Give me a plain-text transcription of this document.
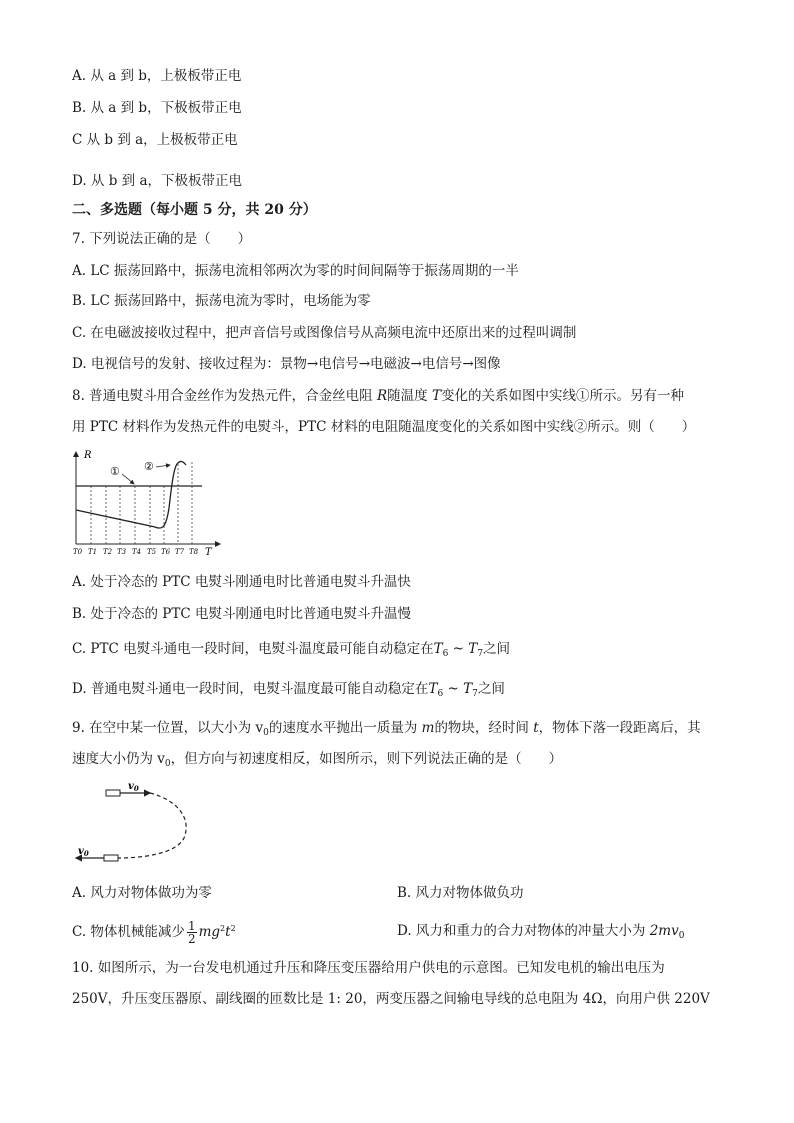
A. 从 a 到 b，上极板带正电
B. 从 a 到 b，下极板带正电
C 从 b 到 a，上极板带正电
D. 从 b 到 a，下极板带正电
二、多选题（每小题 5 分，共 20 分）
7. 下列说法正确的是（　　）
A. LC 振荡回路中，振荡电流相邻两次为零的时间间隔等于振荡周期的一半
B. LC 振荡回路中，振荡电流为零时，电场能为零
C. 在电磁波接收过程中，把声音信号或图像信号从高频电流中还原出来的过程叫调制
D. 电视信号的发射、接收过程为：景物→电信号→电磁波→电信号→图像
8. 普通电熨斗用合金丝作为发热元件，合金丝电阻 R随温度 T变化的关系如图中实线①所示。另有一种
用 PTC 材料作为发热元件的电熨斗，PTC 材料的电阻随温度变化的关系如图中实线②所示。则（　　）
R
T
① ②
T0 T1 T2 T3 T4 T5 T6 T7 T8
A. 处于冷态的 PTC 电熨斗刚通电时比普通电熨斗升温快
B. 处于冷态的 PTC 电熨斗刚通电时比普通电熨斗升温慢
C. PTC 电熨斗通电一段时间，电熨斗温度最可能自动稳定在$T_6$ ~ $T_7$之间
D. 普通电熨斗通电一段时间，电熨斗温度最可能自动稳定在$T_6$ ~ $T_7$之间
9. 在空中某一位置，以大小为 $v_0$的速度水平抛出一质量为 m的物块，经时间 t，物体下落一段距离后，其
速度大小仍为 $v_0$，但方向与初速度相反，如图所示，则下列说法正确的是（　　）
$v_0$
$v_0$
A. 风力对物体做功为零	B. 风力对物体做负功
C. 物体机械能减少 $\frac{1}{2} mg^2t^2$	D. 风力和重力的合力对物体的冲量大小为 $2mv_0$
10. 如图所示，为一台发电机通过升压和降压变压器给用户供电的示意图。已知发电机的输出电压为
250V，升压变压器原、副线圈的匝数比是 1: 20，两变压器之间输电导线的总电阻为 4Ω，向用户供 220V
